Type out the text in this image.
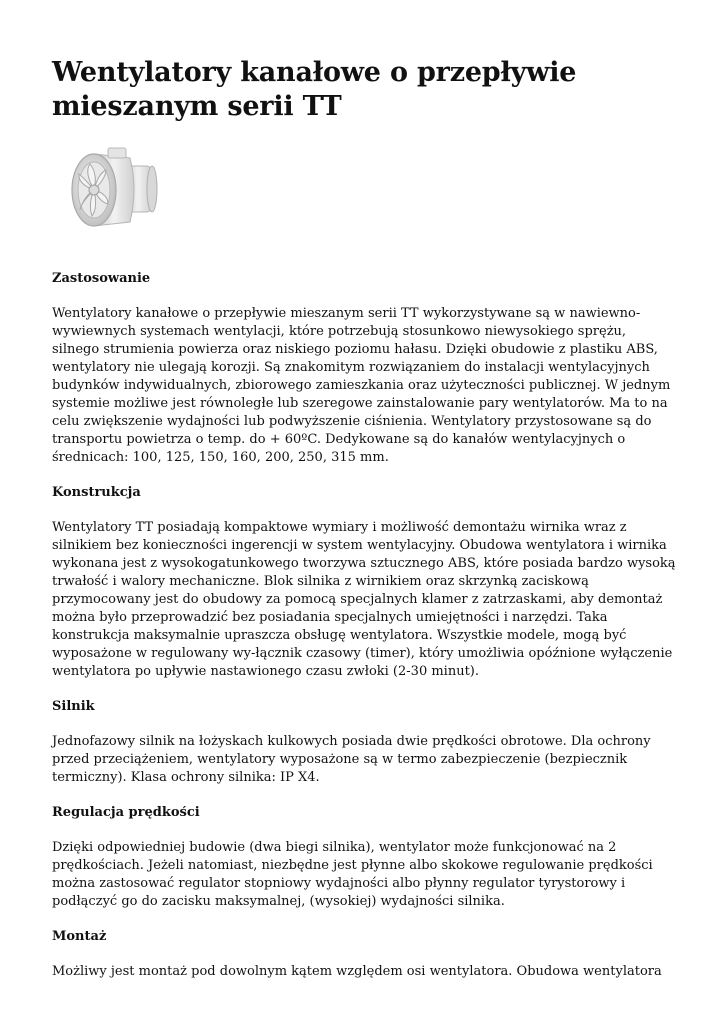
Wentylatory kanałowe o przepływie mieszanym serii TT
Zastosowanie

Wentylatory kanałowe o przepływie mieszanym serii TT wykorzystywane są w nawiewno-wywiewnych systemach wentylacji, które potrzebują stosunkowo niewysokiego sprężu, silnego strumienia powierza oraz niskiego poziomu hałasu. Dzięki obudowie z plastiku ABS, wentylatory nie ulegają korozji. Są znakomitym rozwiązaniem do instalacji wentylacyjnych budynków indywidualnych, zbiorowego zamieszkania oraz użyteczności publicznej. W jednym systemie możliwe jest równoległe lub szeregowe zainstalowanie pary wentylatorów. Ma to na celu zwiększenie wydajności lub podwyższenie ciśnienia. Wentylatory przystosowane są do transportu powietrza o temp. do + 60ºC. Dedykowane są do kanałów wentylacyjnych o średnicach: 100, 125, 150, 160, 200, 250, 315 mm.

Konstrukcja

Wentylatory TT posiadają kompaktowe wymiary i możliwość demontażu wirnika wraz z silnikiem bez konieczności ingerencji w system wentylacyjny. Obudowa wentylatora i wirnika wykonana jest z wysokogatunkowego tworzywa sztucznego ABS, które posiada bardzo wysoką trwałość i walory mechaniczne. Blok silnika z wirnikiem oraz skrzynką zaciskową przymocowany jest do obudowy za pomocą specjalnych klamer z zatrzaskami, aby demontaż można było przeprowadzić bez posiadania specjalnych umiejętności i narzędzi. Taka konstrukcja maksymalnie upraszcza obsługę wentylatora. Wszystkie modele, mogą być wyposażone w regulowany wy-łącznik czasowy (timer), który umożliwia opóźnione wyłączenie wentylatora po upływie nastawionego czasu zwłoki (2-30 minut).

Silnik

Jednofazowy silnik na łożyskach kulkowych posiada dwie prędkości obrotowe. Dla ochrony przed przeciążeniem, wentylatory wyposażone są w termo zabezpieczenie (bezpiecznik termiczny). Klasa ochrony silnika: IP X4.

Regulacja prędkości

Dzięki odpowiedniej budowie (dwa biegi silnika), wentylator może funkcjonować na 2 prędkościach. Jeżeli natomiast, niezbędne jest płynne albo skokowe regulowanie prędkości można zastosować regulator stopniowy wydajności albo płynny regulator tyrystorowy i podłączyć go do zacisku maksymalnej, (wysokiej) wydajności silnika.

Montaż

Możliwy jest montaż pod dowolnym kątem względem osi wentylatora. Obudowa wentylatora
